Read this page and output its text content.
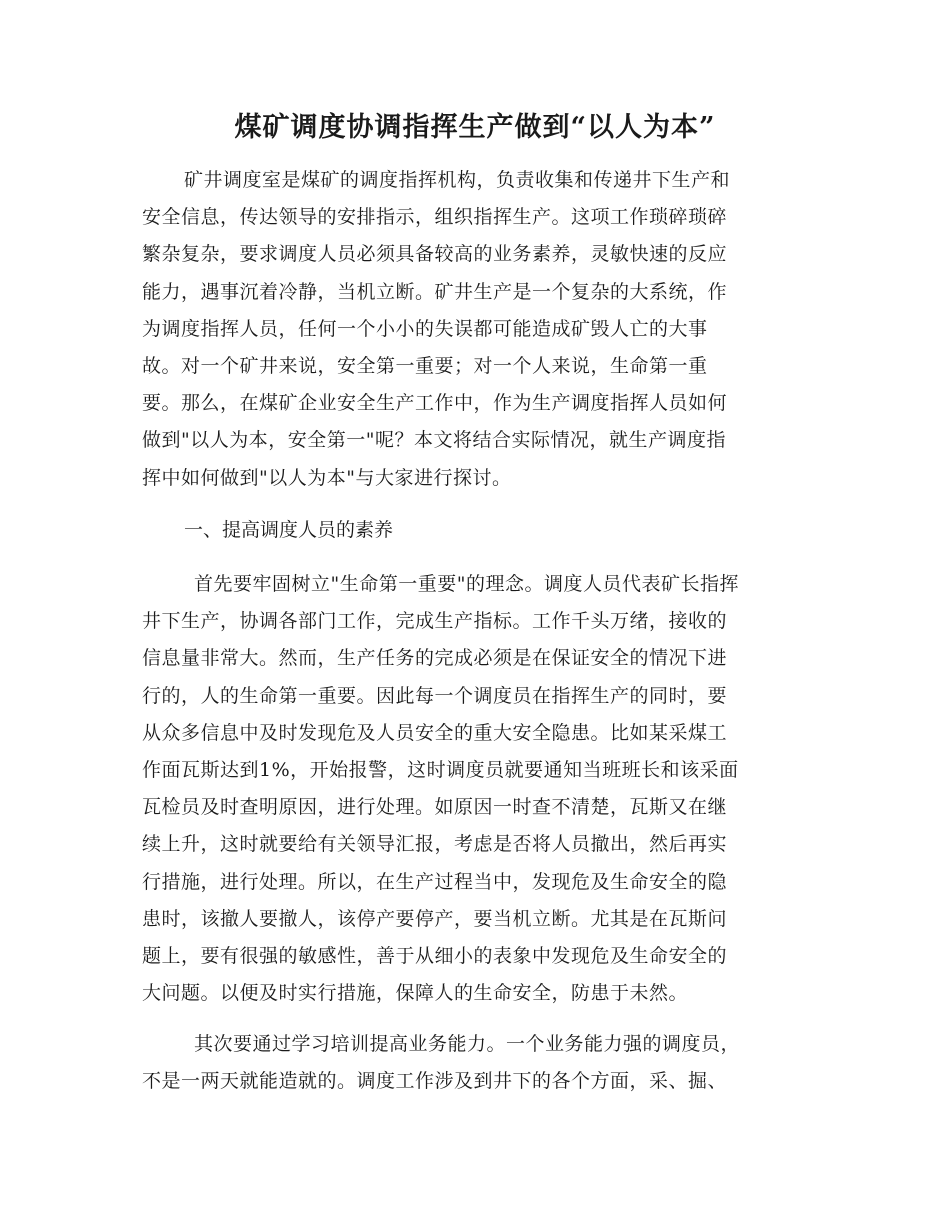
煤矿调度协调指挥生产做到“以人为本”
矿井调度室是煤矿的调度指挥机构，负责收集和传递井下生产和
安全信息，传达领导的安排指示，组织指挥生产。这项工作琐碎琐碎
繁杂复杂，要求调度人员必须具备较高的业务素养，灵敏快速的反应
能力，遇事沉着冷静，当机立断。矿井生产是一个复杂的大系统，作
为调度指挥人员，任何一个小小的失误都可能造成矿毁人亡的大事
故。对一个矿井来说，安全第一重要；对一个人来说，生命第一重
要。那么，在煤矿企业安全生产工作中，作为生产调度指挥人员如何
做到"以人为本，安全第一"呢？本文将结合实际情况，就生产调度指
挥中如何做到"以人为本"与大家进行探讨。
一、提高调度人员的素养
首先要牢固树立"生命第一重要"的理念。调度人员代表矿长指挥
井下生产，协调各部门工作，完成生产指标。工作千头万绪，接收的
信息量非常大。然而，生产任务的完成必须是在保证安全的情况下进
行的，人的生命第一重要。因此每一个调度员在指挥生产的同时，要
从众多信息中及时发现危及人员安全的重大安全隐患。比如某采煤工
作面瓦斯达到1%，开始报警，这时调度员就要通知当班班长和该采面
瓦检员及时查明原因，进行处理。如原因一时查不清楚，瓦斯又在继
续上升，这时就要给有关领导汇报，考虑是否将人员撤出，然后再实
行措施，进行处理。所以，在生产过程当中，发现危及生命安全的隐
患时，该撤人要撤人，该停产要停产，要当机立断。尤其是在瓦斯问
题上，要有很强的敏感性，善于从细小的表象中发现危及生命安全的
大问题。以便及时实行措施，保障人的生命安全，防患于未然。
其次要通过学习培训提高业务能力。一个业务能力强的调度员，
不是一两天就能造就的。调度工作涉及到井下的各个方面，采、掘、
